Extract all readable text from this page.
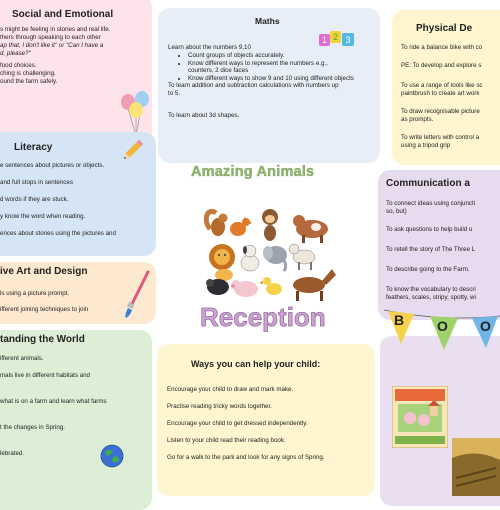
Social and Emotional
s might be feeling in stories and real life.
thers through speaking to each other
ap that, I don't like it" or "Can I have a
d, please?"
food choices.
ching is challenging.
ound the farm safely.
Maths
Learn about the numbers 9,10
• Count groups of objects accurately.
• Know different ways to represent the numbers e.g., counters, 2 dice faces
• Know different ways to show 9 and 10 using different objects
To learn addition and subtraction calculations with numbers up to 5.
To learn about 3d shapes.
1 2 3
Physical De
To ride a balance bike with co
PE: To develop and explore s
To use a range of tools like sc
paintbrush to create art work
To draw recognisable picture
as prompts.
To write letters with control a
using a tripod grip
Literacy
e sentences about pictures or objects.
and full stops in sentences
d words if they are stuck.
y know the word when reading.
ences about stories using the pictures and
Amazing Animals
Reception
Communication a
To connect ideas using conjuncti
so, but)
To ask questions to help build u
To retell the story of The Three L
To describe going to the Farm.
To know the vocabulary to descri
feathers, scales, stripy, spotty, wi
ive Art and Design
ls using a picture prompt.
ifferent joining techniques to join
tanding the World
ifferent animals.
mals live in different habitats and
what is on a farm and learn what farms
t the changes in Spring.
lebrated.
Ways you can help your child:
Encourage your child to draw and mark make.
Practise reading tricky words together.
Encourage your child to get dressed independently.
Listen to your child read their reading book.
Go for a walk to the park and look for any signs of Spring.
B O O
